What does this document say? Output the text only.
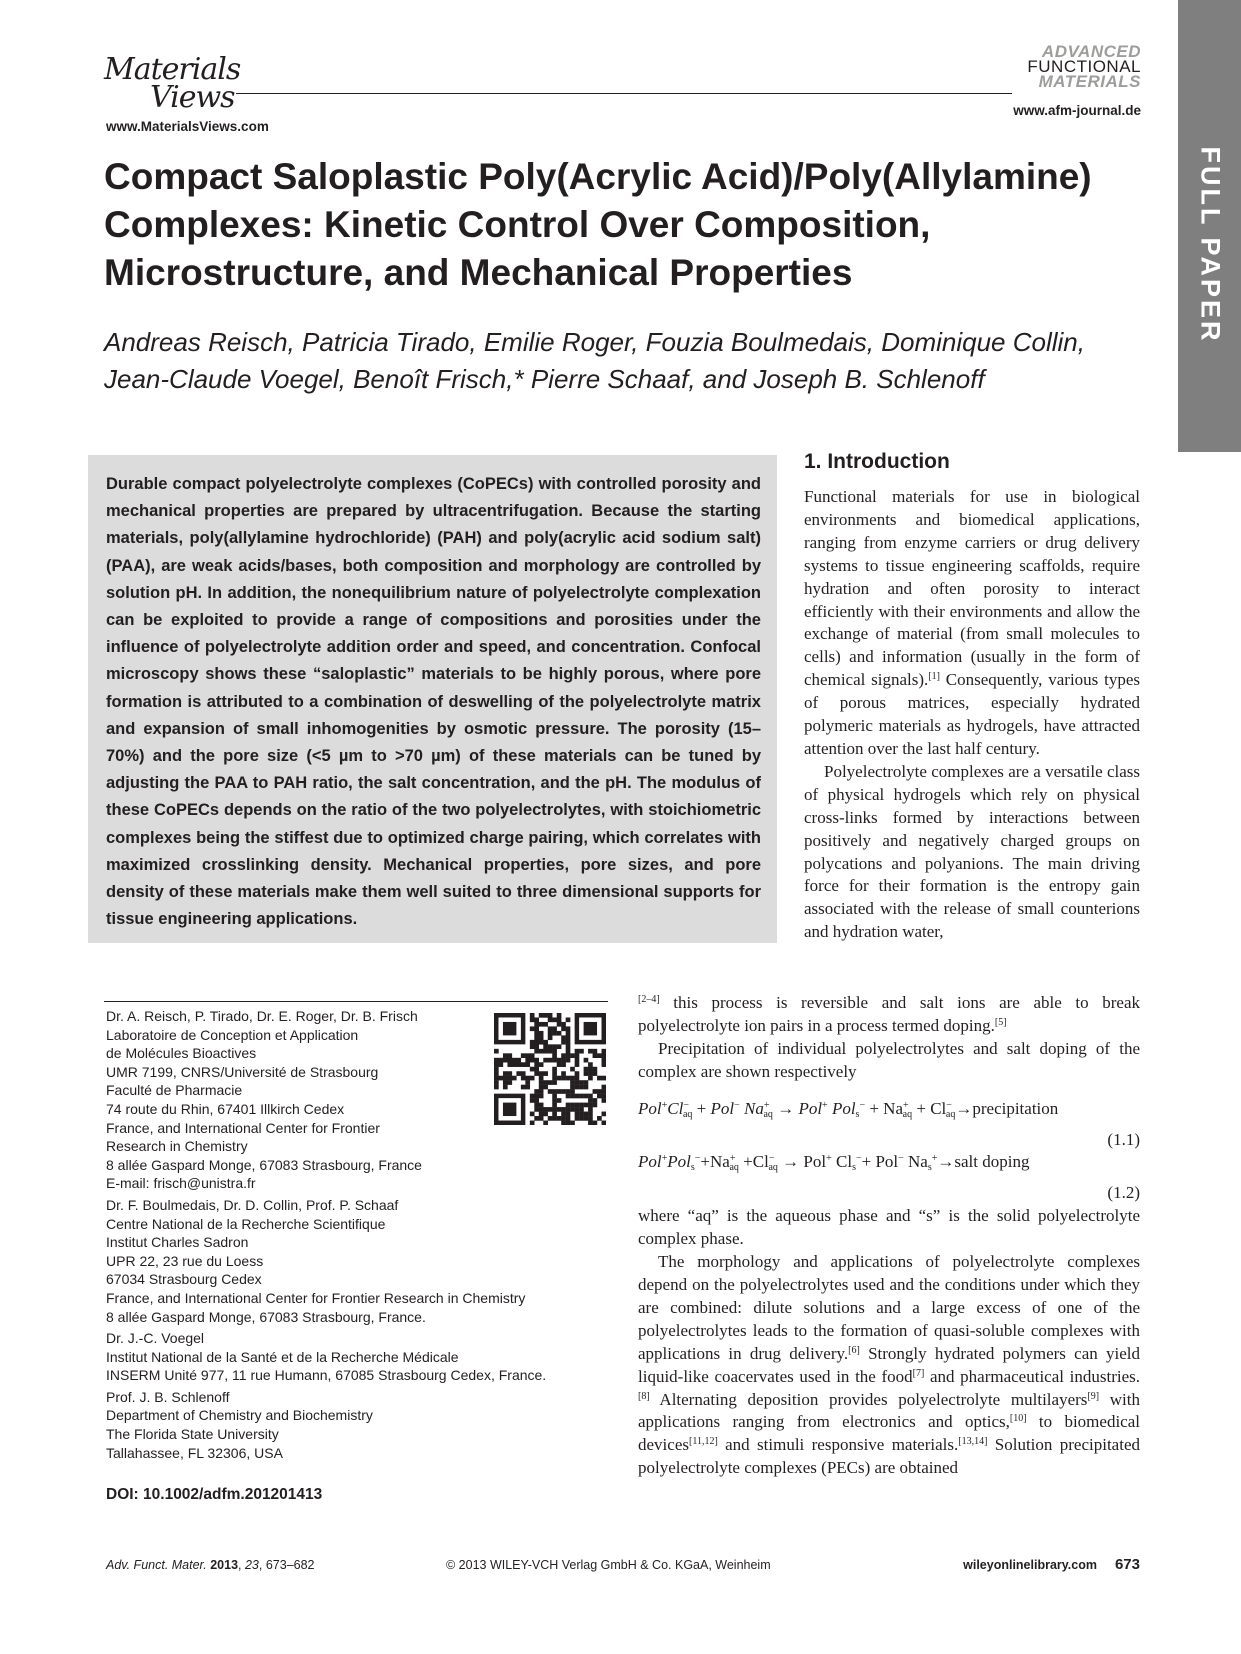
Materials
Views
www.MaterialsViews.com
ADVANCED
FUNCTIONAL
MATERIALS
www.afm-journal.de
FULL PAPER
Compact Saloplastic Poly(Acrylic Acid)/Poly(Allylamine)
Complexes: Kinetic Control Over Composition,
Microstructure, and Mechanical Properties
Andreas Reisch, Patricia Tirado, Emilie Roger, Fouzia Boulmedais, Dominique Collin,
Jean-Claude Voegel, Benoît Frisch,* Pierre Schaaf, and Joseph B. Schlenoff
Durable compact polyelectrolyte complexes (CoPECs) with controlled porosity and mechanical properties are prepared by ultracentrifugation. Because the starting materials, poly(allylamine hydrochloride) (PAH) and poly(acrylic acid sodium salt) (PAA), are weak acids/bases, both composition and morphology are controlled by solution pH. In addition, the nonequilibrium nature of polyelectrolyte complexation can be exploited to provide a range of compositions and porosities under the influence of polyelectrolyte addition order and speed, and concentration. Confocal microscopy shows these “saloplastic” materials to be highly porous, where pore formation is attributed to a combination of deswelling of the polyelectrolyte matrix and expansion of small inhomogenities by osmotic pressure. The porosity (15–70%) and the pore size (<5 µm to >70 µm) of these materials can be tuned by adjusting the PAA to PAH ratio, the salt concentration, and the pH. The modulus of these CoPECs depends on the ratio of the two polyelectrolytes, with stoichiometric complexes being the stiffest due to optimized charge pairing, which correlates with maximized crosslinking density. Mechanical properties, pore sizes, and pore density of these materials make them well suited to three dimensional supports for tissue engineering applications.
1. Introduction

Functional materials for use in biological environments and biomedical applications, ranging from enzyme carriers or drug delivery systems to tissue engineering scaffolds, require hydration and often porosity to interact efficiently with their environments and allow the exchange of material (from small molecules to cells) and information (usually in the form of chemical signals).[1] Consequently, various types of porous matrices, especially hydrated polymeric materials as hydrogels, have attracted attention over the last half century.

Polyelectrolyte complexes are a versatile class of physical hydrogels which rely on physical cross-links formed by interactions between positively and negatively charged groups on polycations and polyanions. The main driving force for their formation is the entropy gain associated with the release of small counterions and hydration water,

[2–4] this process is reversible and salt ions are able to break polyelectrolyte ion pairs in a process termed doping.[5]

Precipitation of individual polyelectrolytes and salt doping of the complex are shown respectively

$Pol^+Cl^-_{aq} + Pol^-$ $Na^+_{aq} \to Pol^+$ $Pol_s^- + Na^+_{aq}$ + $Cl^-_{aq}\to precipitation$
(1.1)
$Pol^+Pol_s^-+Na^+_{aq} +Cl^-_{aq} \to Pol^+$ $Cl_s^-+ Pol^-$ $Na_s^+\to salt$ doping
(1.2)

where “aq” is the aqueous phase and “s” is the solid polyelectrolyte complex phase.

The morphology and applications of polyelectrolyte complexes depend on the polyelectrolytes used and the conditions under which they are combined: dilute solutions and a large excess of one of the polyelectrolytes leads to the formation of quasi-soluble complexes with applications in drug delivery.[6] Strongly hydrated polymers can yield liquid-like coacervates used in the food[7] and pharmaceutical industries.[8] Alternating deposition provides polyelectrolyte multilayers[9] with applications ranging from electronics and optics,[10] to biomedical devices[11,12] and stimuli responsive materials.[13,14] Solution precipitated polyelectrolyte complexes (PECs) are obtained

Dr. A. Reisch, P. Tirado, Dr. E. Roger, Dr. B. Frisch
Laboratoire de Conception et Application
de Molécules Bioactives
UMR 7199, CNRS/Université de Strasbourg
Faculté de Pharmacie
74 route du Rhin, 67401 Illkirch Cedex
France, and International Center for Frontier
Research in Chemistry
8 allée Gaspard Monge, 67083 Strasbourg, France
E-mail: frisch@unistra.fr
Dr. F. Boulmedais, Dr. D. Collin, Prof. P. Schaaf
Centre National de la Recherche Scientifique
Institut Charles Sadron
UPR 22, 23 rue du Loess
67034 Strasbourg Cedex
France, and International Center for Frontier Research in Chemistry
8 allée Gaspard Monge, 67083 Strasbourg, France.
Dr. J.-C. Voegel
Institut National de la Santé et de la Recherche Médicale
INSERM Unité 977, 11 rue Humann, 67085 Strasbourg Cedex, France.
Prof. J. B. Schlenoff
Department of Chemistry and Biochemistry
The Florida State University
Tallahassee, FL 32306, USA
DOI: 10.1002/adfm.201201413
Adv. Funct. Mater. 2013, 23, 673–682	© 2013 WILEY-VCH Verlag GmbH & Co. KGaA, Weinheim	wileyonlinelibrary.com 673
